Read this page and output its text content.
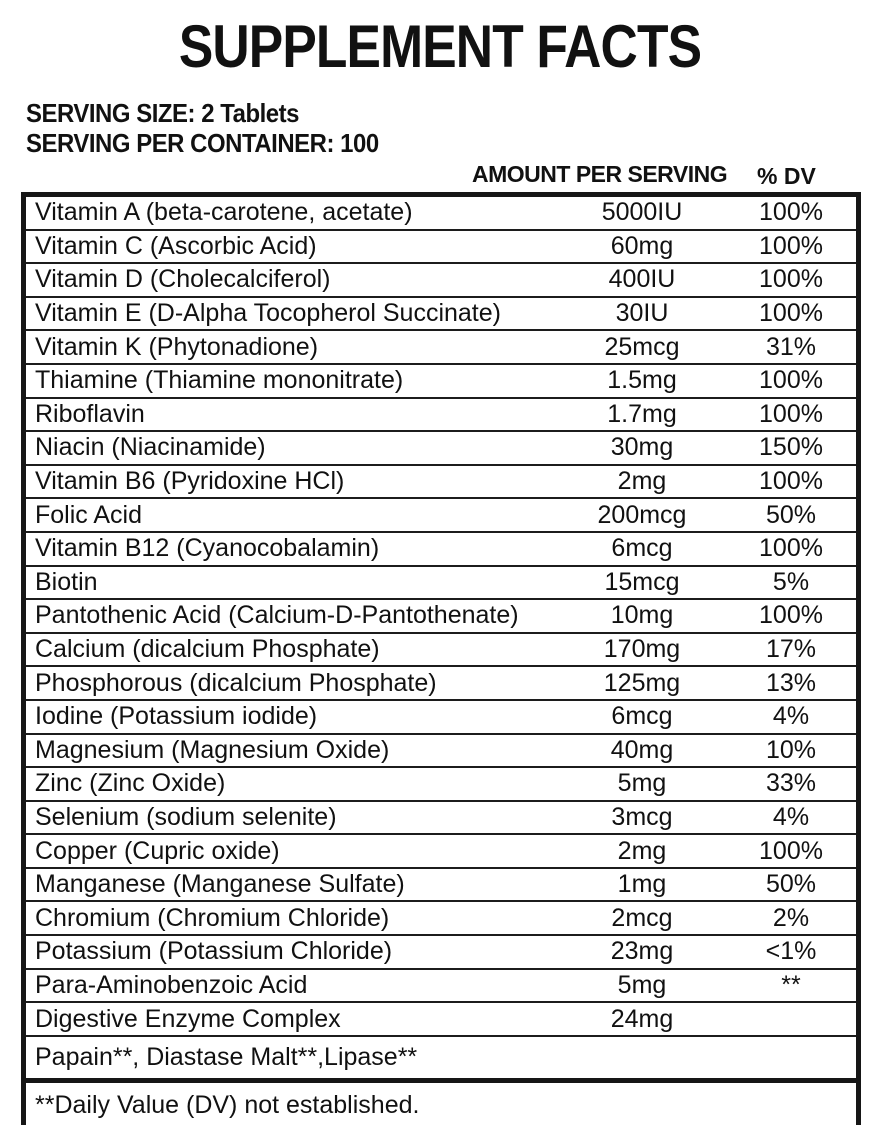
SUPPLEMENT FACTS
SERVING SIZE: 2 Tablets
SERVING PER CONTAINER: 100
AMOUNT PER SERVING % DV
Vitamin A (beta-carotene, acetate)	5000IU	100%
Vitamin C (Ascorbic Acid)	60mg	100%
Vitamin D (Cholecalciferol)	400IU	100%
Vitamin E (D-Alpha Tocopherol Succinate)	30IU	100%
Vitamin K (Phytonadione)	25mcg	31%
Thiamine (Thiamine mononitrate)	1.5mg	100%
Riboflavin	1.7mg	100%
Niacin (Niacinamide)	30mg	150%
Vitamin B6 (Pyridoxine HCl)	2mg	100%
Folic Acid	200mcg	50%
Vitamin B12 (Cyanocobalamin)	6mcg	100%
Biotin	15mcg	5%
Pantothenic Acid (Calcium-D-Pantothenate)	10mg	100%
Calcium (dicalcium Phosphate)	170mg	17%
Phosphorous (dicalcium Phosphate)	125mg	13%
Iodine (Potassium iodide)	6mcg	4%
Magnesium (Magnesium Oxide)	40mg	10%
Zinc (Zinc Oxide)	5mg	33%
Selenium (sodium selenite)	3mcg	4%
Copper (Cupric oxide)	2mg	100%
Manganese (Manganese Sulfate)	1mg	50%
Chromium (Chromium Chloride)	2mcg	2%
Potassium (Potassium Chloride)	23mg	<1%
Para-Aminobenzoic Acid	5mg	**
Digestive Enzyme Complex	24mg
Papain**, Diastase Malt**,Lipase**
**Daily Value (DV) not established.
